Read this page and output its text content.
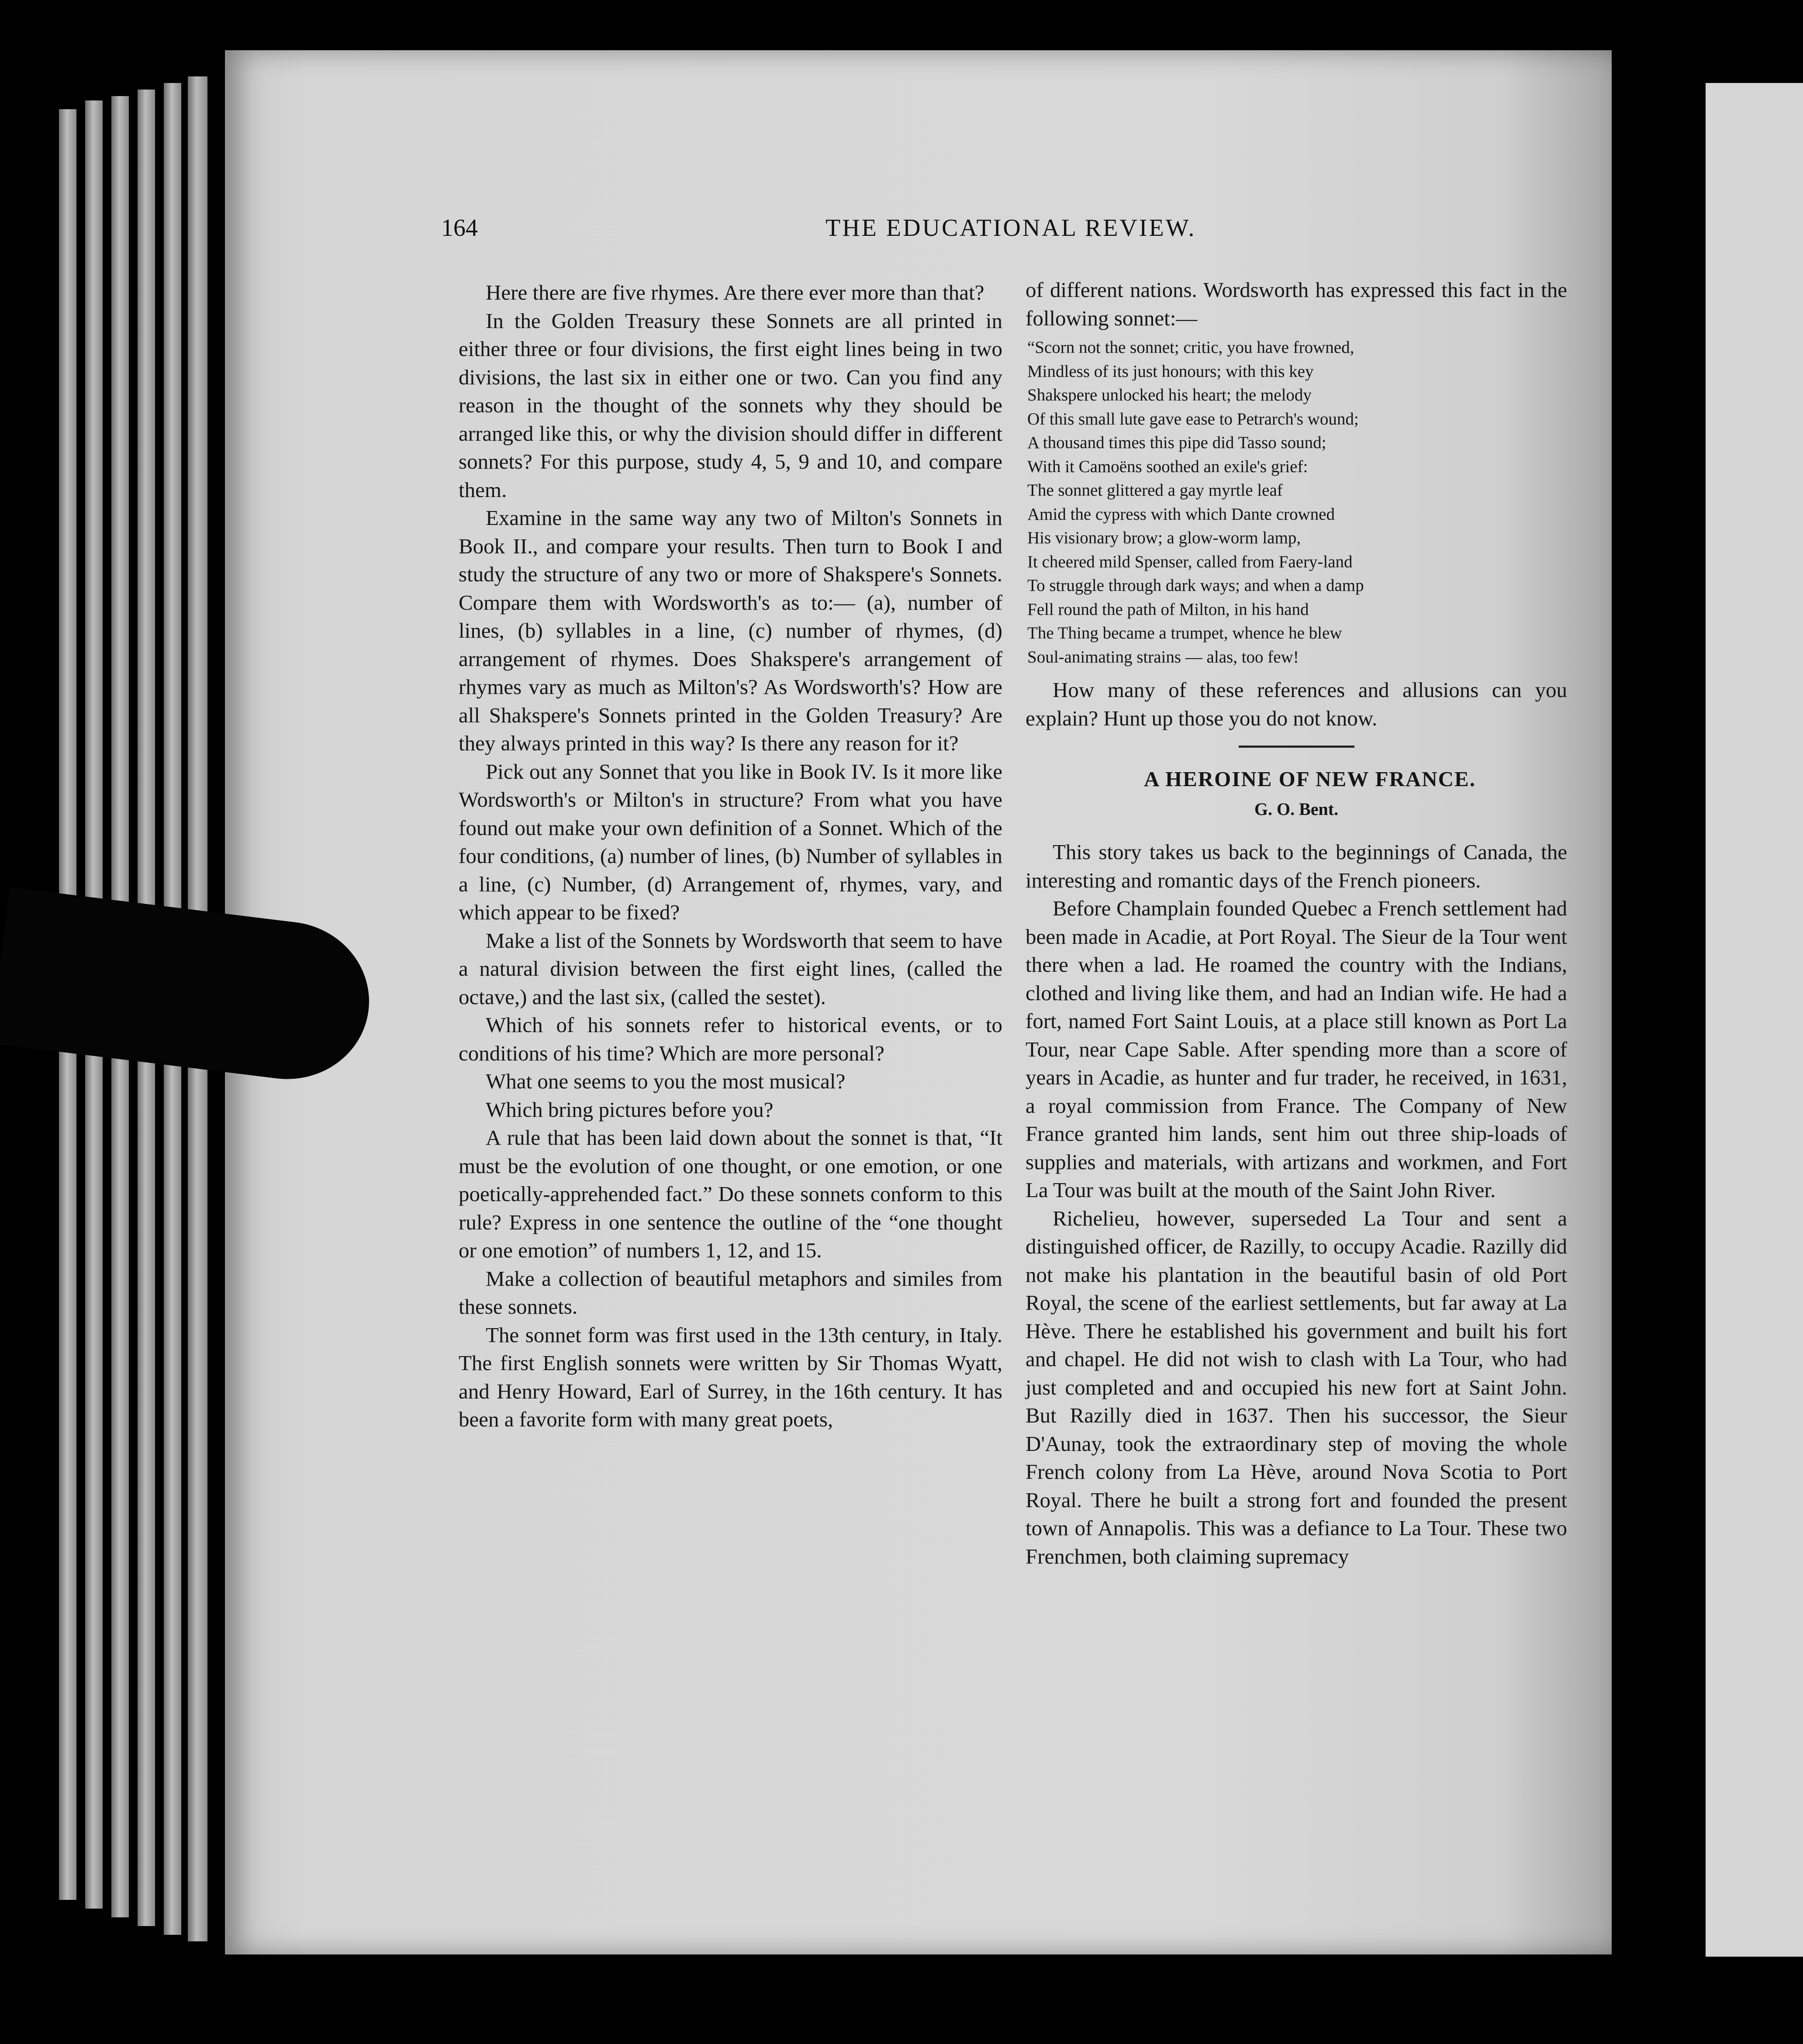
164	THE EDUCATIONAL REVIEW.

Here there are five rhymes. Are there ever more than that?

In the Golden Treasury these Sonnets are all printed in either three or four divisions, the first eight lines being in two divisions, the last six in either one or two. Can you find any reason in the thought of the sonnets why they should be arranged like this, or why the division should differ in different sonnets? For this purpose, study 4, 5, 9 and 10, and compare them.

Examine in the same way any two of Milton's Sonnets in Book II., and compare your results. Then turn to Book I and study the structure of any two or more of Shakspere's Sonnets. Compare them with Wordsworth's as to:— (a), number of lines, (b) syllables in a line, (c) number of rhymes, (d) arrangement of rhymes. Does Shakspere's arrangement of rhymes vary as much as Milton's? As Wordsworth's? How are all Shakspere's Sonnets printed in the Golden Treasury? Are they always printed in this way? Is there any reason for it?

Pick out any Sonnet that you like in Book IV. Is it more like Wordsworth's or Milton's in structure? From what you have found out make your own definition of a Sonnet. Which of the four conditions, (a) number of lines, (b) Number of syllables in a line, (c) Number, (d) Arrangement of, rhymes, vary, and which appear to be fixed?

Make a list of the Sonnets by Wordsworth that seem to have a natural division between the first eight lines, (called the octave,) and the last six, (called the sestet).

Which of his sonnets refer to historical events, or to conditions of his time? Which are more personal?

What one seems to you the most musical?

Which bring pictures before you?

A rule that has been laid down about the sonnet is that, “It must be the evolution of one thought, or one emotion, or one poetically-apprehended fact.” Do these sonnets conform to this rule? Express in one sentence the outline of the “one thought or one emotion” of numbers 1, 12, and 15.

Make a collection of beautiful metaphors and similes from these sonnets.

The sonnet form was first used in the 13th century, in Italy. The first English sonnets were written by Sir Thomas Wyatt, and Henry Howard, Earl of Surrey, in the 16th century. It has been a favorite form with many great poets,

of different nations. Wordsworth has expressed this fact in the following sonnet:—

“Scorn not the sonnet; critic, you have frowned,
Mindless of its just honours; with this key
Shakspere unlocked his heart; the melody
Of this small lute gave ease to Petrarch's wound;
A thousand times this pipe did Tasso sound;
With it Camoëns soothed an exile's grief:
The sonnet glittered a gay myrtle leaf
Amid the cypress with which Dante crowned
His visionary brow; a glow-worm lamp,
It cheered mild Spenser, called from Faery-land
To struggle through dark ways; and when a damp
Fell round the path of Milton, in his hand
The Thing became a trumpet, whence he blew
Soul-animating strains — alas, too few!

How many of these references and allusions can you explain? Hunt up those you do not know.

A HEROINE OF NEW FRANCE.

G. O. Bent.

This story takes us back to the beginnings of Canada, the interesting and romantic days of the French pioneers.

Before Champlain founded Quebec a French settlement had been made in Acadie, at Port Royal. The Sieur de la Tour went there when a lad. He roamed the country with the Indians, clothed and living like them, and had an Indian wife. He had a fort, named Fort Saint Louis, at a place still known as Port La Tour, near Cape Sable. After spending more than a score of years in Acadie, as hunter and fur trader, he received, in 1631, a royal commission from France. The Company of New France granted him lands, sent him out three ship-loads of supplies and materials, with artizans and workmen, and Fort La Tour was built at the mouth of the Saint John River.

Richelieu, however, superseded La Tour and sent a distinguished officer, de Razilly, to occupy Acadie. Razilly did not make his plantation in the beautiful basin of old Port Royal, the scene of the earliest settlements, but far away at La Hève. There he established his government and built his fort and chapel. He did not wish to clash with La Tour, who had just completed and and occupied his new fort at Saint John. But Razilly died in 1637. Then his successor, the Sieur D'Aunay, took the extraordinary step of moving the whole French colony from La Hève, around Nova Scotia to Port Royal. There he built a strong fort and founded the present town of Annapolis. This was a defiance to La Tour. These two Frenchmen, both claiming supremacy
